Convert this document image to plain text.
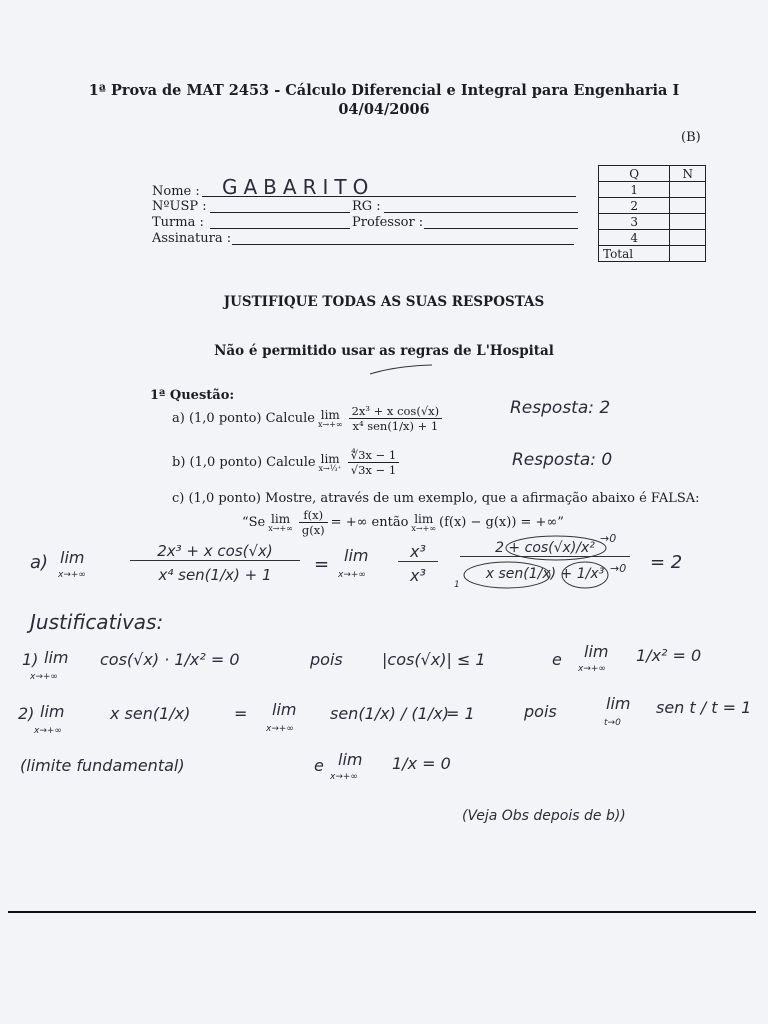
1ª Prova de MAT 2453 - Cálculo Diferencial e Integral para Engenharia I
04/04/2006
(B)
Nome : GABARITO
NºUSP :	RG :
Turma :	Professor :
Assinatura :
Q	N
1	
2	
3	
4	
Total	
JUSTIFIQUE TODAS AS SUAS RESPOSTAS
Não é permitido usar as regras de L'Hospital
1ª Questão:
a) (1,0 ponto) Calcule lim
$x\to+\infty \frac{\text{2x³ + x cos(√x)}}{\text{x⁴ sen(1/x) + 1}}$	Resposta: 2
b) (1,0 ponto) Calcule lim
x→⅓⁺ $\frac{∜3x - 1}{√3x - 1}$	Resposta: 0
c) (1,0 ponto) Mostre, através de um exemplo, que a afirmação abaixo é FALSA:
“Se lim
$x\to+\infty \frac{f(x)}{g(x)}$ = +∞ então lim
x→+∞ (f(x) − g(x)) = +∞”
a) lim
x→+∞
2x³ + x cos(√x)
x⁴ sen(1/x) + 1	= lim
x→+∞
x³
x³
2 + cos(√x)/x²
x sen(1/x) + 1/x³
→0
→0
1
= 2
Justificativas:
1) lim
x→+∞
cos(√x) · 1/x² = 0	pois |cos(√x)| ≤ 1	e lim
x→+∞
1/x² = 0
2) lim
x→+∞
x sen(1/x)	= lim
x→+∞
sen(1/x) / (1/x)
= 1	pois	lim
t→0
sen t / t = 1
(limite fundamental)	e lim
x→+∞
1/x = 0
(Veja Obs depois de b))
